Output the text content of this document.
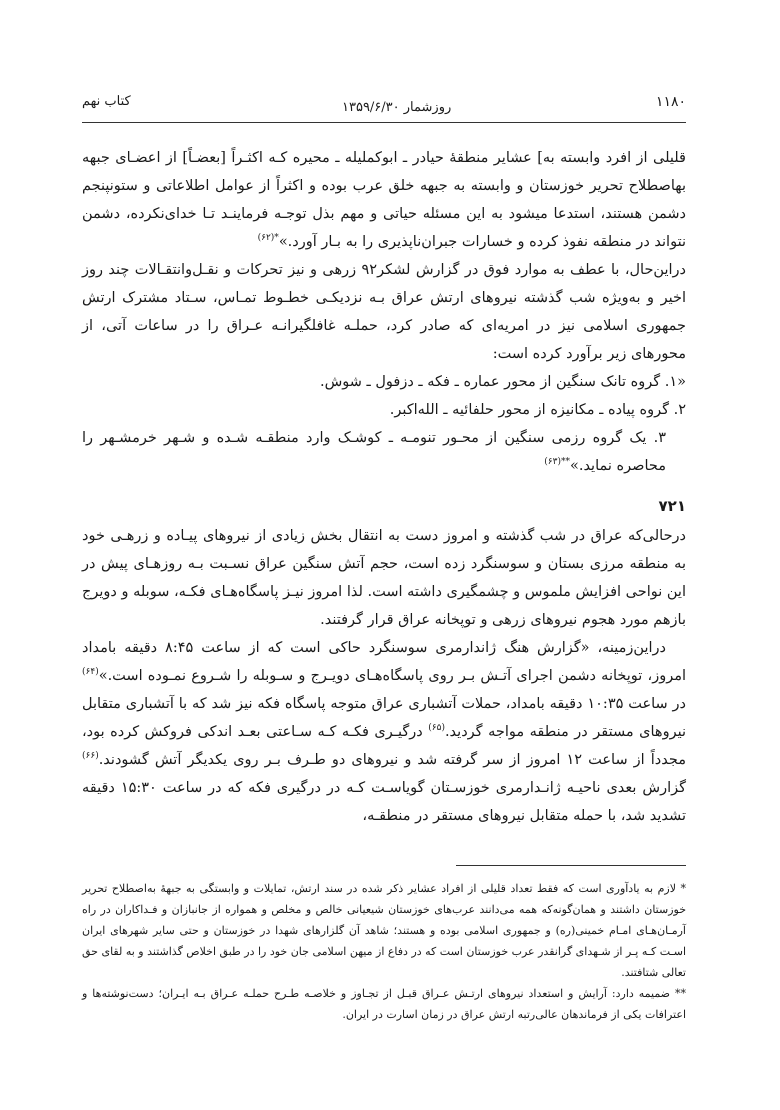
۱۱۸۰
روزشمار ۱۳۵۹/۶/۳۰
کتاب نهم

قلیلی از افرد وابسته به] عشایر منطقهٔ حیادر ـ ابوکملیله ـ محیره کـه اکثـراً [بعضـاً] از اعضـای جبهه بهاصطلاح تحریر خوزستان و وابسته به جبهه خلق عرب بوده و اکثراً از عوامل اطلاعاتی و ستونپنجم دشمن هستند، استدعا میشود به این مسئله حیاتی و مهم بذل توجـه فرماینـد تـا خدای‌نکرده، دشمن نتواند در منطقه نفوذ کرده و خسارات جبران‌ناپذیری را به بـار آورد.»$^{*(۶۲)}$

دراین‌حال، با عطف به موارد فوق در گزارش لشکر۹۲ زرهی و نیز تحرکات و نقـل‌وانتقـالات چند روز اخیر و به‌ویژه شب گذشته نیروهای ارتش عراق بـه نزدیکـی خطـوط تمـاس، سـتاد مشترک ارتش جمهوری اسلامی نیز در امریه‌ای که صادر کرد، حملـه غافلگیرانـه عـراق را در ساعات آتی، از محورهای زیر برآورد کرده است:

«۱. گروه تانک سنگین از محور عماره ـ فکه ـ دزفول ـ شوش.

۲. گروه پیاده ـ مکانیزه از محور حلفائیه ـ الله‌اکبر.

۳. یک گروه رزمی سنگین از محـور تنومـه ـ کوشـک وارد منطقـه شـده و شـهر خرمشـهر را محاصره نماید.»$^{**(۶۳)}$

۷۲۱

درحالی‌که عراق در شب گذشته و امروز دست به انتقال بخش زیادی از نیروهای پیـاده و زرهـی خود به منطقه مرزی بستان و سوسنگرد زده است، حجم آتش سنگین عراق نسـبت بـه روزهـای پیش در این نواحی افزایش ملموس و چشمگیری داشته است. لذا امروز نیـز پاسگاه‌هـای فکـه، سوبله و دویرج بازهم مورد هجوم نیروهای زرهی و توپخانه عراق قرار گرفتند.

دراین‌زمینه، «گزارش هنگ ژاندارمری سوسنگرد حاکی است که از ساعت ۸:۴۵ دقیقه بامداد امروز، توپخانه دشمن اجرای آتـش بـر روی پاسگاه‌هـای دویـرج و سـوبله را شـروع نمـوده است.»$^{(۶۴)}$ در ساعت ۱۰:۳۵ دقیقه بامداد، حملات آتشباری عراق متوجه پاسگاه فکه نیز شد که با آتشباری متقابل نیروهای مستقر در منطقه مواجه گردید.$^{(۶۵)}$ درگیـری فکـه کـه سـاعتی بعـد اندکی فروکش کرده بود، مجدداً از ساعت ۱۲ امروز از سر گرفته شد و نیروهای دو طـرف بـر روی یکدیگر آتش گشودند.$^{(۶۶)}$ گزارش بعدی ناحیـه ژانـدارمری خوزسـتان گویاسـت کـه در درگیری فکه که در ساعت ۱۵:۳۰ دقیقه تشدید شد، با حمله متقابل نیروهای مستقر در منطقـه،

* لازم به یادآوری است که فقط تعداد قلیلی از افراد عشایر ذکر شده در سند ارتش، تمایلات و وابستگی به جبههٔ به‌اصطلاح تحریر خوزستان داشتند و همان‌گونه‌که همه می‌دانند عرب‌های خوزستان شیعیانی خالص و مخلص و همواره از جانبازان و فـداکاران در راه آرمـان‌هـای امـام خمینی(ره) و جمهوری اسلامی بوده و هستند؛ شاهد آن گلزارهای شهدا در خوزستان و حتی سایر شهرهای ایران اسـت کـه پـر از شـهدای گرانقدر عرب خوزستان است که در دفاع از میهن اسلامی جان خود را در طبق اخلاص گذاشتند و به لقای حق تعالی شتافتند.

** ضمیمه دارد: آرایش و استعداد نیروهای ارتـش عـراق قبـل از تجـاوز و خلاصـه طـرح حملـه عـراق بـه ایـران؛ دست‌نوشته‌ها و اعترافات یکی از فرماندهان عالی‌رتبه ارتش عراق در زمان اسارت در ایران.
